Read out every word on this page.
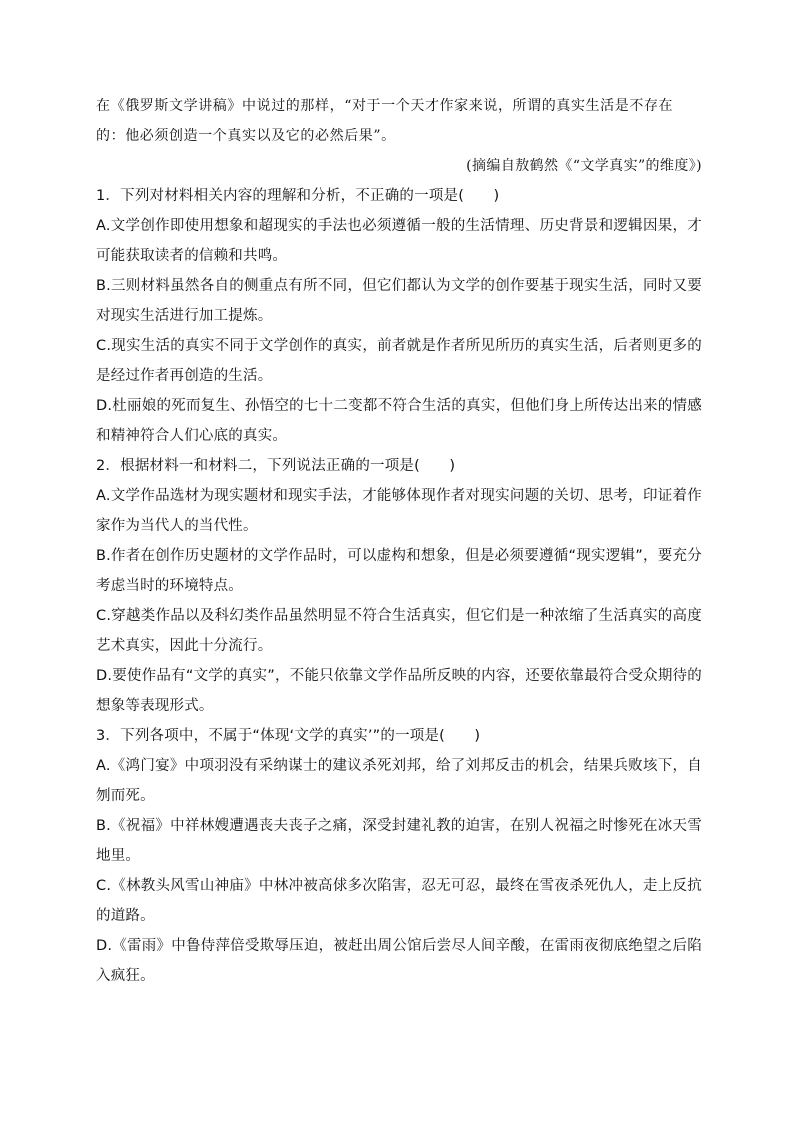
在《俄罗斯文学讲稿》中说过的那样，“对于一个天才作家来说，所谓的真实生活是不存在的：他必须创造一个真实以及它的必然后果”。

(摘编自敖鹤然《“文学真实”的维度》)

1．下列对材料相关内容的理解和分析，不正确的一项是(　　)

A.文学创作即使用想象和超现实的手法也必须遵循一般的生活情理、历史背景和逻辑因果，才可能获取读者的信赖和共鸣。

B.三则材料虽然各自的侧重点有所不同，但它们都认为文学的创作要基于现实生活，同时又要对现实生活进行加工提炼。

C.现实生活的真实不同于文学创作的真实，前者就是作者所见所历的真实生活，后者则更多的是经过作者再创造的生活。

D.杜丽娘的死而复生、孙悟空的七十二变都不符合生活的真实，但他们身上所传达出来的情感和精神符合人们心底的真实。

2．根据材料一和材料二，下列说法正确的一项是(　　)

A.文学作品选材为现实题材和现实手法，才能够体现作者对现实问题的关切、思考，印证着作家作为当代人的当代性。

B.作者在创作历史题材的文学作品时，可以虚构和想象，但是必须要遵循“现实逻辑”，要充分考虑当时的环境特点。

C.穿越类作品以及科幻类作品虽然明显不符合生活真实，但它们是一种浓缩了生活真实的高度艺术真实，因此十分流行。

D.要使作品有“文学的真实”，不能只依靠文学作品所反映的内容，还要依靠最符合受众期待的想象等表现形式。

3．下列各项中，不属于“体现‘文学的真实’”的一项是(　　)

A.《鸿门宴》中项羽没有采纳谋士的建议杀死刘邦，给了刘邦反击的机会，结果兵败垓下，自刎而死。

B.《祝福》中祥林嫂遭遇丧夫丧子之痛，深受封建礼教的迫害，在别人祝福之时惨死在冰天雪地里。

C.《林教头风雪山神庙》中林冲被高俅多次陷害，忍无可忍，最终在雪夜杀死仇人，走上反抗的道路。

D.《雷雨》中鲁侍萍倍受欺辱压迫，被赶出周公馆后尝尽人间辛酸，在雷雨夜彻底绝望之后陷入疯狂。
